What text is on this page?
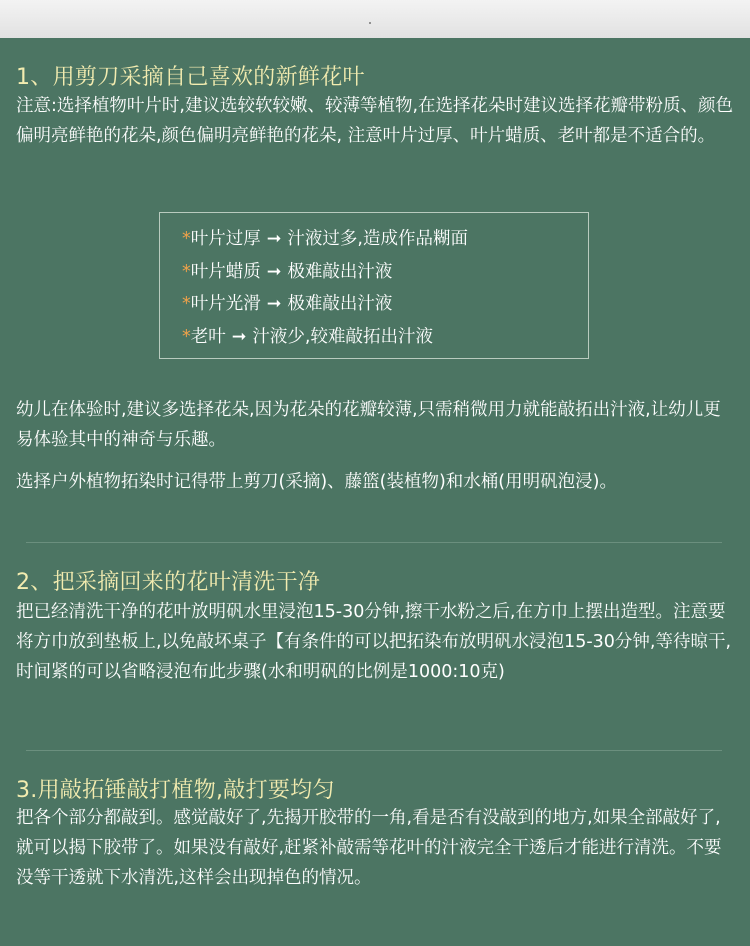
1、用剪刀采摘自己喜欢的新鲜花叶

注意:选择植物叶片时,建议选较软较嫩、较薄等植物,在选择花朵时建议选择花瓣带粉质、颜色偏明亮鲜艳的花朵,颜色偏明亮鲜艳的花朵, 注意叶片过厚、叶片蜡质、老叶都是不适合的。

*叶片过厚 ➞ 汁液过多,造成作品糊面
*叶片蜡质 ➞ 极难敲出汁液
*叶片光滑 ➞ 极难敲出汁液
*老叶 ➞ 汁液少,较难敲拓出汁液

幼儿在体验时,建议多选择花朵,因为花朵的花瓣较薄,只需稍微用力就能敲拓出汁液,让幼儿更易体验其中的神奇与乐趣。

选择户外植物拓染时记得带上剪刀(采摘)、藤篮(装植物)和水桶(用明矾泡浸)。

2、把采摘回来的花叶清洗干净

把已经清洗干净的花叶放明矾水里浸泡15-30分钟,擦干水粉之后,在方巾上摆出造型。注意要将方巾放到垫板上,以免敲坏桌子【有条件的可以把拓染布放明矾水浸泡15-30分钟,等待晾干,时间紧的可以省略浸泡布此步骤(水和明矾的比例是1000:10克)

3.用敲拓锤敲打植物,敲打要均匀

把各个部分都敲到。感觉敲好了,先揭开胶带的一角,看是否有没敲到的地方,如果全部敲好了,就可以揭下胶带了。如果没有敲好,赶紧补敲需等花叶的汁液完全干透后才能进行清洗。不要没等干透就下水清洗,这样会出现掉色的情况。
